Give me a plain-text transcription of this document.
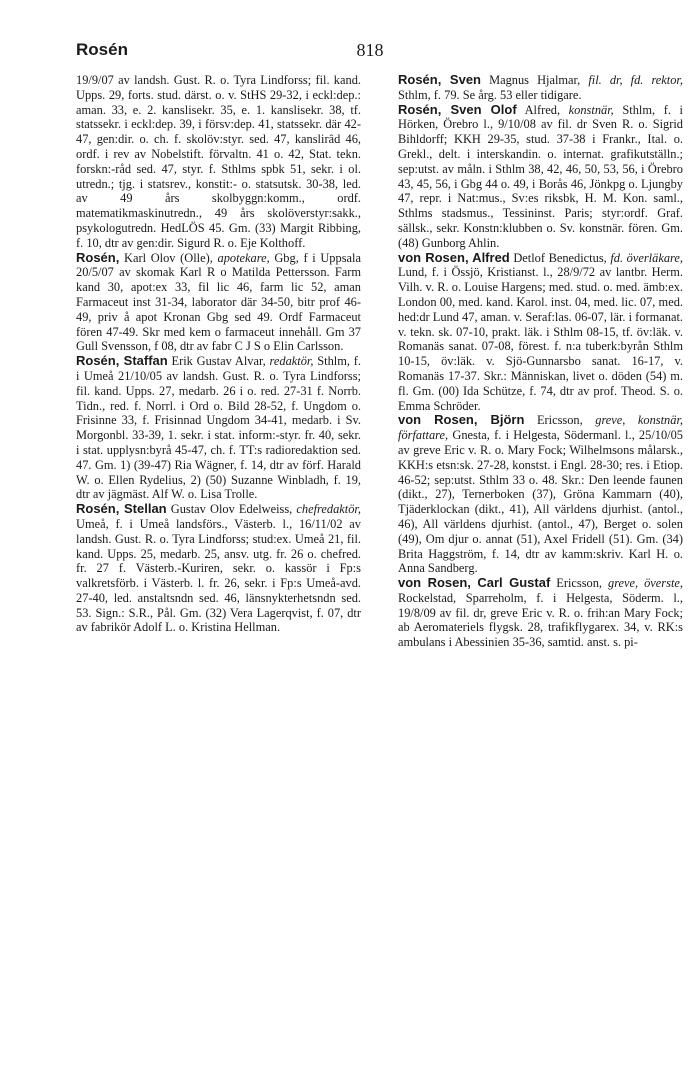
Rosén	818

19/9/07 av landsh. Gust. R. o. Tyra Lindforss; fil. kand. Upps. 29, forts. stud. därst. o. v. StHS 29-32, i eckl:dep.: aman. 33, e. 2. kanslisekr. 35, e. 1. kanslisekr. 38, tf. statssekr. i eckl:dep. 39, i försv:dep. 41, statssekr. där 42-47, gen:dir. o. ch. f. skolöv:styr. sed. 47, kanslirâd 46, ordf. i rev av Nobelstift. förvaltn. 41 o. 42, Stat. tekn. forskn:-råd sed. 47, styr. f. Sthlms spbk 51, sekr. i ol. utredn.; tjg. i statsrev., konstit:- o. statsutsk. 30-38, led. av 49 års skolbyggn:komm., ordf. matematikmaskinutredn., 49 års skolöverstyr:sakk., psykologutredn. HedLÖS 45. Gm. (33) Margit Ribbing, f. 10, dtr av gen:dir. Sigurd R. o. Eje Kolthoff.

Rosén, Karl Olov (Olle), apotekare, Gbg, f i Uppsala 20/5/07 av skomak Karl R o Matilda Pettersson. Farm kand 30, apot:ex 33, fil lic 46, farm lic 52, aman Farmaceut inst 31-34, laborator där 34-50, bitr prof 46-49, priv å apot Kronan Gbg sed 49. Ordf Farmaceut fören 47-49. Skr med kem o farmaceut innehåll. Gm 37 Gull Svensson, f 08, dtr av fabr C J S o Elin Carlsson.

Rosén, Staffan Erik Gustav Alvar, redaktör, Sthlm, f. i Umeå 21/10/05 av landsh. Gust. R. o. Tyra Lindforss; fil. kand. Upps. 27, medarb. 26 i o. red. 27-31 f. Norrb. Tidn., red. f. Norrl. i Ord o. Bild 28-52, f. Ungdom o. Frisinne 33, f. Frisinnad Ungdom 34-41, medarb. i Sv. Morgonbl. 33-39, 1. sekr. i stat. inform:-styr. fr. 40, sekr. i stat. upplysn:byrå 45-47, ch. f. TT:s radioredaktion sed. 47. Gm. 1) (39-47) Ria Wägner, f. 14, dtr av förf. Harald W. o. Ellen Rydelius, 2) (50) Suzanne Winbladh, f. 19, dtr av jägmäst. Alf W. o. Lisa Trolle.

Rosén, Stellan Gustav Olov Edelweiss, chefredaktör, Umeå, f. i Umeå landsförs., Västerb. l., 16/11/02 av landsh. Gust. R. o. Tyra Lindforss; stud:ex. Umeå 21, fil. kand. Upps. 25, medarb. 25, ansv. utg. fr. 26 o. chefred. fr. 27 f. Västerb.-Kuriren, sekr. o. kassör i Fp:s valkretsförb. i Västerb. l. fr. 26, sekr. i Fp:s Umeå-avd. 27-40, led. anstaltsndn sed. 46, länsnykterhetsndn sed. 53. Sign.: S.R., Pål. Gm. (32) Vera Lagerqvist, f. 07, dtr av fabrikör Adolf L. o. Kristina Hellman.

Rosén, Sven Magnus Hjalmar, fil. dr, fd. rektor, Sthlm, f. 79. Se årg. 53 eller tidigare.

Rosén, Sven Olof Alfred, konstnär, Sthlm, f. i Hörken, Örebro l., 9/10/08 av fil. dr Sven R. o. Sigrid Bihldorff; KKH 29-35, stud. 37-38 i Frankr., Ital. o. Grekl., delt. i interskandin. o. internat. grafikutställn.; sep:utst. av måln. i Sthlm 38, 42, 46, 50, 53, 56, i Örebro 43, 45, 56, i Gbg 44 o. 49, i Borås 46, Jönkpg o. Ljungby 47, repr. i Nat:mus., Sv:es riksbk, H. M. Kon. saml., Sthlms stadsmus., Tessininst. Paris; styr:ordf. Graf. sällsk., sekr. Konstn:klubben o. Sv. konstnär. fören. Gm. (48) Gunborg Ahlin.

von Rosen, Alfred Detlof Benedictus, fd. överläkare, Lund, f. i Össjö, Kristianst. l., 28/9/72 av lantbr. Herm. Vilh. v. R. o. Louise Hargens; med. stud. o. med. ämb:ex. London 00, med. kand. Karol. inst. 04, med. lic. 07, med. hed:dr Lund 47, aman. v. Seraf:las. 06-07, lär. i formanat. v. tekn. sk. 07-10, prakt. läk. i Sthlm 08-15, tf. öv:läk. v. Romanäs sanat. 07-08, förest. f. n:a tuberk:byrån Sthlm 10-15, öv:läk. v. Sjö-Gunnarsbo sanat. 16-17, v. Romanäs 17-37. Skr.: Människan, livet o. döden (54) m. fl. Gm. (00) Ida Schütze, f. 74, dtr av prof. Theod. S. o. Emma Schröder.

von Rosen, Björn Ericsson, greve, konstnär, författare, Gnesta, f. i Helgesta, Södermanl. l., 25/10/05 av greve Eric v. R. o. Mary Fock; Wilhelmsons målarsk., KKH:s etsn:sk. 27-28, konstst. i Engl. 28-30; res. i Etiop. 46-52; sep:utst. Sthlm 33 o. 48. Skr.: Den leende faunen (dikt., 27), Ternerboken (37), Gröna Kammarn (40), Tjäderklockan (dikt., 41), All världens djurhist. (antol., 46), All världens djurhist. (antol., 47), Berget o. solen (49), Om djur o. annat (51), Axel Fridell (51). Gm. (34) Brita Haggström, f. 14, dtr av kamm:skriv. Karl H. o. Anna Sandberg.

von Rosen, Carl Gustaf Ericsson, greve, överste, Rockelstad, Sparreholm, f. i Helgesta, Söderm. l., 19/8/09 av fil. dr, greve Eric v. R. o. frih:an Mary Fock; ab Aeromateriels flygsk. 28, trafikflygarex. 34, v. RK:s ambulans i Abessinien 35-36, samtid. anst. s. pi-
